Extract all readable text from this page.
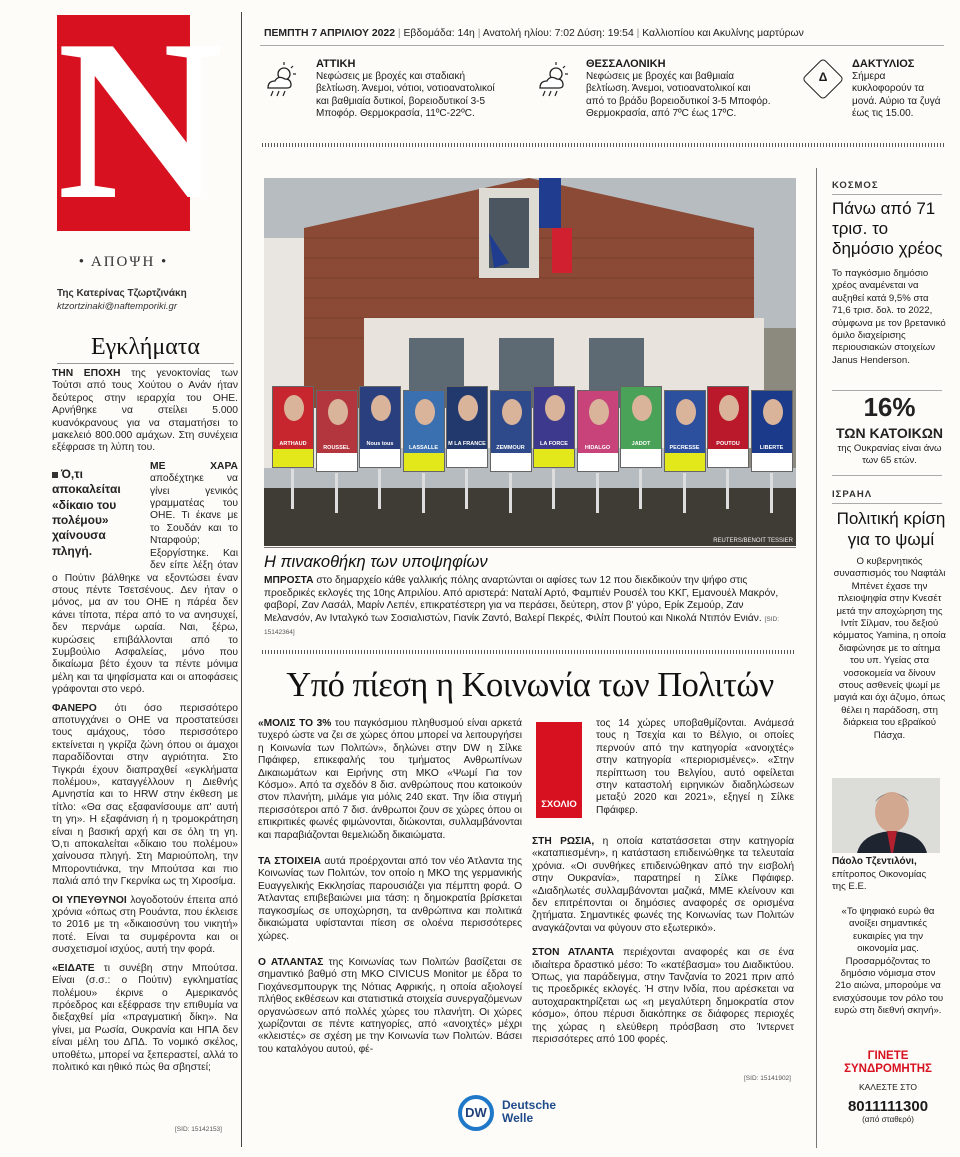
N
• ΑΠΟΨΗ •
Της Κατερίνας Τζωρτζινάκη
ktzortzinaki@naftemporiki.gr
Εγκλήματα

ΤΗΝ ΕΠΟΧΗ της γενοκτονίας των Τούτσι από τους Χούτου ο Ανάν ήταν δεύτερος στην ιεραρχία του ΟΗΕ. Αρνήθηκε να στείλει 5.000 κυανόκρανους για να σταματήσει το μακελειό 800.000 αμάχων. Στη συνέχεια εξέφρασε τη λύπη του.

Ό,τι αποκαλείται «δίκαιο του πολέμου» χαίνουσα πληγή.

ΜΕ ΧΑΡΑ αποδέχτηκε να γίνει γενικός γραμματέας του ΟΗΕ. Τι έκανε με το Σουδάν και το Νταρφούρ; Εξοργίστηκε. Και δεν είπε λέξη όταν ο Πούτιν βάλθηκε να εξοντώσει έναν στους πέντε Τσετσένους. Δεν ήταν ο μόνος, μα αν του ΟΗΕ η πάρέα δεν κάνει τίποτα, πέρα από το να ανησυχεί, δεν περνάμε ωραία. Ναι, ξέρω, κυρώσεις επιβάλλονται από το Συμβούλιο Ασφαλείας, μόνο που δικαίωμα βέτο έχουν τα πέντε μόνιμα μέλη και τα ψηφίσματα και οι αποφάσεις γράφονται στο νερό.

ΦΑΝΕΡΟ ότι όσο περισσότερο αποτυγχάνει ο ΟΗΕ να προστατεύσει τους αμάχους, τόσο περισσότερο εκτείνεται η γκρίζα ζώνη όπου οι άμαχοι παραδίδονται στην αγριότητα. Στο Τιγκράι έχουν διαπραχθεί «εγκλήματα πολέμου», καταγγέλλουν η Διεθνής Αμνηστία και το HRW στην έκθεση με τίτλο: «Θα σας εξαφανίσουμε απ' αυτή τη γη». Η εξαφάνιση ή η τρομοκράτηση είναι η βασική αρχή και σε όλη τη γη. Ό,τι αποκαλείται «δίκαιο του πολέμου» χαίνουσα πληγή. Στη Μαριούπολη, την Μποροντιάνκα, την Μπούτσα και πιο παλιά από την Γκερνίκα ως τη Χιροσίμα.

ΟΙ ΥΠΕΥΘΥΝΟΙ λογοδοτούν έπειτα από χρόνια «όπως στη Ρουάντα, που έκλεισε το 2016 με τη «δικαιοσύνη του νικητή» ποτέ. Είναι τα συμφέροντα και οι συσχετισμοί ισχύος, αυτή την φορά.

«ΕΙΔΑΤΕ τι συνέβη στην Μπούτσα. Είναι (σ.σ.: ο Πούτιν) εγκληματίας πολέμου» έκρινε ο Αμερικανός πρόεδρος και εξέφρασε την επιθυμία να διεξαχθεί μία «πραγματική δίκη». Να γίνει, μα Ρωσία, Ουκρανία και ΗΠΑ δεν είναι μέλη του ΔΠΔ. Το νομικό σκέλος, υποθέτω, μπορεί να ξεπεραστεί, αλλά το πολιτικό και ηθικό πώς θα σβηστεί;

[SID: 15142153]
ΠΕΜΠΤΗ 7 ΑΠΡΙΛΙΟΥ 2022 | Εβδομάδα: 14η | Ανατολή ηλίου: 7:02 Δύση: 19:54 | Καλλιοπίου και Ακυλίνης μαρτύρων
ΑΤΤΙΚΗ
Νεφώσεις με βροχές και σταδιακή βελτίωση. Άνεμοι, νότιοι, νοτιοανατολικοί και βαθμιαία δυτικοί, βορειοδυτικοί 3-5 Μποφόρ. Θερμοκρασία, 11ºC-22ºC.
ΘΕΣΣΑΛΟΝΙΚΗ
Νεφώσεις με βροχές και βαθμιαία βελτίωση. Άνεμοι, νοτιοανατολικοί και από το βράδυ βορειοδυτικοί 3-5 Μποφόρ. Θερμοκρασία, από 7ºC έως 17ºC.
Δ
ΔΑΚΤΥΛΙΟΣ
Σήμερα κυκλοφορούν τα μονά. Αύριο τα ζυγά έως τις 15.00.
ARTHAUD
ROUSSEL
Nous tous
LASSALLE
M LA FRANCE
ZEMMOUR
LA FORCE
HIDALGO
JADOT
PECRESSE
POUTOU
LIBERTE
REUTERS/BENOIT TESSIER
Η πινακοθήκη των υποψηφίων
ΜΠΡΟΣΤΑ στο δημαρχείο κάθε γαλλικής πόλης αναρτώνται οι αφίσες των 12 που διεκδικούν την ψήφο στις προεδρικές εκλογές της 10ης Απριλίου. Από αριστερά: Ναταλί Αρτό, Φαμπιέν Ρουσέλ του ΚΚΓ, Εμανουέλ Μακρόν, φαβορί, Ζαν Λασάλ, Μαρίν Λεπέν, επικρατέστερη για να περάσει, δεύτερη, στον β' γύρο, Ερίκ Ζεμούρ, Ζαν Μελανσόν, Αν Ινταλγκό των Σοσιαλιστών, Γιανίκ Ζαντό, Βαλερί Πεκρές, Φιλίπ Πουτού και Νικολά Ντιπόν Ενιάν. [SID: 15142364]
Υπό πίεση η Κοινωνία των Πολιτών

«ΜΟΛΙΣ ΤΟ 3% του παγκόσμιου πληθυσμού είναι αρκετά τυχερό ώστε να ζει σε χώρες όπου μπορεί να λειτουργήσει η Κοινωνία των Πολιτών», δηλώνει στην DW η Σίλκε Πφάιφερ, επικεφαλής του τμήματος Ανθρωπίνων Δικαιωμάτων και Ειρήνης στη ΜΚΟ «Ψωμί Για τον Κόσμο». Από τα σχεδόν 8 δισ. ανθρώπους που κατοικούν στον πλανήτη, μιλάμε για μόλις 240 εκατ. Την ίδια στιγμή περισσότεροι από 7 δισ. άνθρωποι ζουν σε χώρες όπου οι επικριτικές φωνές φιμώνονται, διώκονται, συλλαμβάνονται και παραβιάζονται θεμελιώδη δικαιώματα.

ΤΑ ΣΤΟΙΧΕΙΑ αυτά προέρχονται από τον νέο Άτλαντα της Κοινωνίας των Πολιτών, τον οποίο η ΜΚΟ της γερμανικής Ευαγγελικής Εκκλησίας παρουσιάζει για πέμπτη φορά. Ο Άτλαντας επιβεβαιώνει μια τάση: η δημοκρατία βρίσκεται παγκοσμίως σε υποχώρηση, τα ανθρώπινα και πολιτικά δικαιώματα υφίστανται πίεση σε ολοένα περισσότερες χώρες.

Ο ΑΤΛΑΝΤΑΣ της Κοινωνίας των Πολιτών βασίζεται σε σημαντικό βαθμό στη ΜΚΟ CIVICUS Monitor με έδρα το Γιοχάνεσμπουργκ της Νότιας Αφρικής, η οποία αξιολογεί πλήθος εκθέσεων και στατιστικά στοιχεία συνεργαζόμενων οργανώσεων από πολλές χώρες του πλανήτη. Οι χώρες χωρίζονται σε πέντε κατηγορίες, από «ανοιχτές» μέχρι «κλειστές» σε σχέση με την Κοινωνία των Πολιτών. Βάσει του καταλόγου αυτού, φέ-

ΣΧΟΛΙΟ
τος 14 χώρες υποβαθμίζονται. Ανάμεσά τους η Τσεχία και το Βέλγιο, οι οποίες περνούν από την κατηγορία «ανοιχτές» στην κατηγορία «περιορισμένες». «Στην περίπτωση του Βελγίου, αυτό οφείλεται στην καταστολή ειρηνικών διαδηλώσεων μεταξύ 2020 και 2021», εξηγεί η Σίλκε Πφάιφερ.

ΣΤΗ ΡΩΣΙΑ, η οποία κατατάσσεται στην κατηγορία «καταπιεσμένη», η κατάσταση επιδεινώθηκε τα τελευταία χρόνια. «Οι συνθήκες επιδεινώθηκαν από την εισβολή στην Ουκρανία», παρατηρεί η Σίλκε Πφάιφερ. «Διαδηλωτές συλλαμβάνονται μαζικά, ΜΜΕ κλείνουν και δεν επιτρέπονται οι δημόσιες αναφορές σε ορισμένα ζητήματα. Σημαντικές φωνές της Κοινωνίας των Πολιτών αναγκάζονται να φύγουν στο εξωτερικό».

ΣΤΟΝ ΑΤΛΑΝΤΑ περιέχονται αναφορές και σε ένα ιδιαίτερα δραστικό μέσο: Το «κατέβασμα» του Διαδικτύου. Όπως, για παράδειγμα, στην Τανζανία το 2021 πριν από τις προεδρικές εκλογές. Ή στην Ινδία, που αρέσκεται να αυτοχαρακτηρίζεται ως «η μεγαλύτερη δημοκρατία στον κόσμο», όπου πέρυσι διακόπηκε σε διάφορες περιοχές της χώρας η ελεύθερη πρόσβαση στο Ίντερνετ περισσότερες από 100 φορές.

[SID: 15141902]
DW	Deutsche Welle
ΚΟΣΜΟΣ
Πάνω από 71 τρισ. το δημόσιο χρέος
Το παγκόσμιο δημόσιο χρέος αναμένεται να αυξηθεί κατά 9,5% στα 71,6 τρισ. δολ. το 2022, σύμφωνα με τον βρετανικό όμιλο διαχείρισης περιουσιακών στοιχείων Janus Henderson.
16%
ΤΩΝ ΚΑΤΟΙΚΩΝ
της Ουκρανίας είναι άνω των 65 ετών.
ΙΣΡΑΗΛ
Πολιτική κρίση για το ψωμί
Ο κυβερνητικός συνασπισμός του Ναφτάλι Μπένετ έχασε την πλειοψηφία στην Κνεσέτ μετά την αποχώρηση της Ιντίτ Σίλμαν, του δεξιού κόμματος Yamina, η οποία διαφώνησε με το αίτημα του υπ. Υγείας στα νοσοκομεία να δίνουν στους ασθενείς ψωμί με μαγιά και όχι άζυμο, όπως θέλει η παράδοση, στη διάρκεια του εβραϊκού Πάσχα.
Πάολο Τζεντιλόνι,
επίτροπος Οικονομίας της Ε.Ε.
«Το ψηφιακό ευρώ θα ανοίξει σημαντικές ευκαιρίες για την οικονομία μας. Προσαρμόζοντας το δημόσιο νόμισμα στον 21ο αιώνα, μπορούμε να ενισχύσουμε τον ρόλο του ευρώ στη διεθνή σκηνή».
ΓΙΝΕΤΕ ΣΥΝΔΡΟΜΗΤΗΣ
ΚΑΛΕΣΤΕ ΣΤΟ
8011111300
(από σταθερό)
